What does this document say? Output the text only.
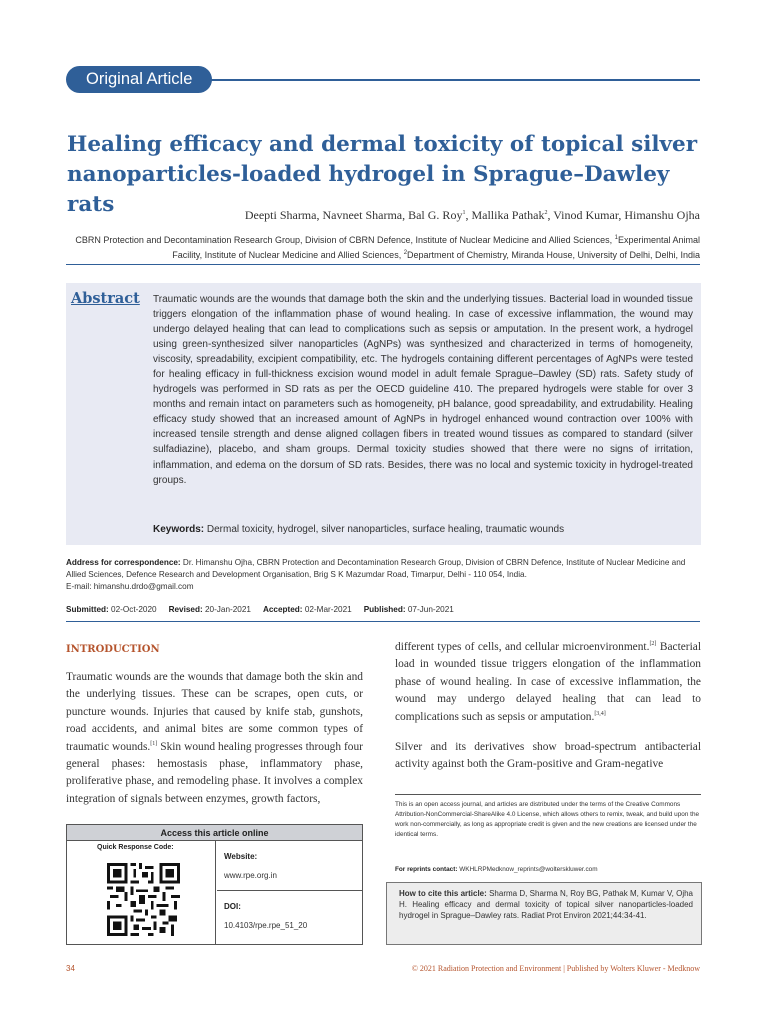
Original Article
Healing efficacy and dermal toxicity of topical silver nanoparticles-loaded hydrogel in Sprague–Dawley rats	Deepti Sharma, Navneet Sharma, Bal G. Roy$^1$, Mallika Pathak$^2$, Vinod Kumar, Himanshu Ojha
CBRN Protection and Decontamination Research Group, Division of CBRN Defence, Institute of Nuclear Medicine and Allied Sciences, $^1$Experimental Animal Facility, Institute of Nuclear Medicine and Allied Sciences, $^2$Department of Chemistry, Miranda House, University of Delhi, Delhi, India
Abstract Traumatic wounds are the wounds that damage both the skin and the underlying tissues. Bacterial load in wounded tissue triggers elongation of the inflammation phase of wound healing. In case of excessive inflammation, the wound may undergo delayed healing that can lead to complications such as sepsis or amputation. In the present work, a hydrogel using green-synthesized silver nanoparticles (AgNPs) was synthesized and characterized in terms of homogeneity, viscosity, spreadability, excipient compatibility, etc. The hydrogels containing different percentages of AgNPs were tested for healing efficacy in full-thickness excision wound model in adult female Sprague–Dawley (SD) rats. Safety study of hydrogels was performed in SD rats as per the OECD guideline 410. The prepared hydrogels were stable for over 3 months and remain intact on parameters such as homogeneity, pH balance, good spreadability, and extrudability. Healing efficacy study showed that an increased amount of AgNPs in hydrogel enhanced wound contraction over 100% with increased tensile strength and dense aligned collagen fibers in treated wound tissues as compared to standard (silver sulfadiazine), placebo, and sham groups. Dermal toxicity studies showed that there were no signs of irritation, inflammation, and edema on the dorsum of SD rats. Besides, there was no local and systemic toxicity in hydrogel-treated groups.

Keywords: Dermal toxicity, hydrogel, silver nanoparticles, surface healing, traumatic wounds
Address for correspondence: Dr. Himanshu Ojha, CBRN Protection and Decontamination Research Group, Division of CBRN Defence, Institute of Nuclear Medicine and Allied Sciences, Defence Research and Development Organisation, Brig S K Mazumdar Road, Timarpur, Delhi - 110 054, India.
E-mail: himanshu.drdo@gmail.com
Submitted: 02-Oct-2020 Revised: 20-Jan-2021 Accepted: 02-Mar-2021 Published: 07-Jun-2021
INTRODUCTION

Traumatic wounds are the wounds that damage both the skin and the underlying tissues. These can be scrapes, open cuts, or puncture wounds. Injuries that caused by knife stab, gunshots, road accidents, and animal bites are some common types of traumatic wounds.[1] Skin wound healing progresses through four general phases: hemostasis phase, inflammatory phase, proliferative phase, and remodeling phase. It involves a complex integration of signals between enzymes, growth factors,

different types of cells, and cellular microenvironment.[2] Bacterial load in wounded tissue triggers elongation of the inflammation phase of wound healing. In case of excessive inflammation, the wound may undergo delayed healing that can lead to complications such as sepsis or amputation.[3,4]

Silver and its derivatives show broad-spectrum antibacterial activity against both the Gram-positive and Gram-negative

This is an open access journal, and articles are distributed under the terms of the Creative Commons Attribution-NonCommercial-ShareAlike 4.0 License, which allows others to remix, tweak, and build upon the work non-commercially, as long as appropriate credit is given and the new creations are licensed under the identical terms.

For reprints contact: WKHLRPMedknow_reprints@wolterskluwer.com

How to cite this article: Sharma D, Sharma N, Roy BG, Pathak M, Kumar V, Ojha H. Healing efficacy and dermal toxicity of topical silver nanoparticles-loaded hydrogel in Sprague–Dawley rats. Radiat Prot Environ 2021;44:34-41.

Access this article online
Quick Response Code:
Website:
www.rpe.org.in
DOI:
10.4103/rpe.rpe_51_20
34	© 2021 Radiation Protection and Environment | Published by Wolters Kluwer - Medknow
